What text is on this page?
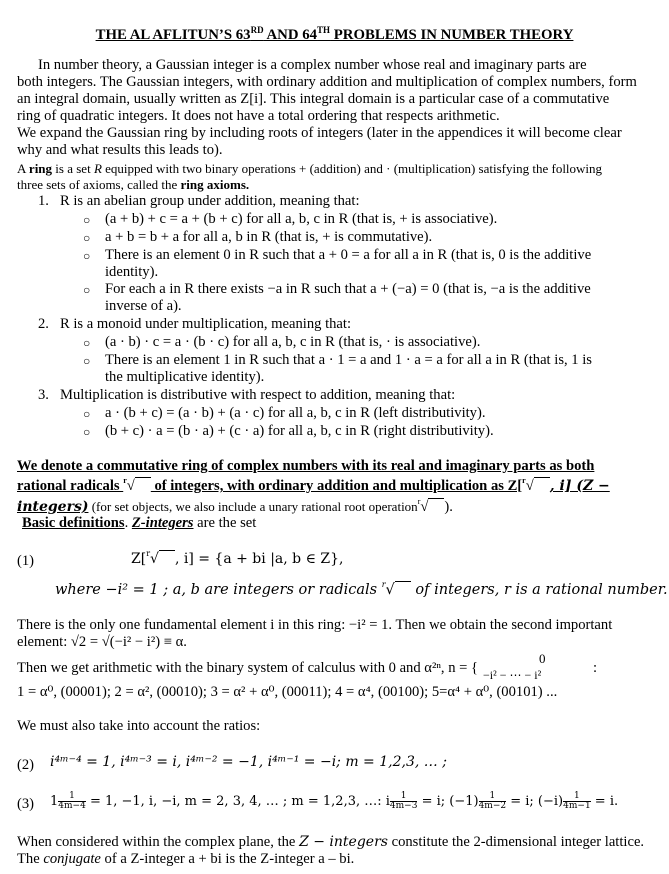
THE AL AFLITUN’S 63RD AND 64TH PROBLEMS IN NUMBER THEORY
In number theory, a Gaussian integer is a complex number whose real and imaginary parts are
both integers. The Gaussian integers, with ordinary addition and multiplication of complex numbers, form
an integral domain, usually written as Z[i]. This integral domain is a particular case of a commutative
ring of quadratic integers. It does not have a total ordering that respects arithmetic.
We expand the Gaussian ring by including roots of integers (later in the appendices it will become clear
why and what results this leads to).
A ring is a set R equipped with two binary operations + (addition) and · (multiplication) satisfying the following
three sets of axioms, called the ring axioms.
1. R is an abelian group under addition, meaning that:
○ (a + b) + c = a + (b + c) for all a, b, c in R (that is, + is associative).
○ a + b = b + a for all a, b in R (that is, + is commutative).
○ There is an element 0 in R such that a + 0 = a for all a in R (that is, 0 is the additive
identity).
○ For each a in R there exists −a in R such that a + (−a) = 0 (that is, −a is the additive
inverse of a).
2. R is a monoid under multiplication, meaning that:
○ (a · b) · c = a · (b · c) for all a, b, c in R (that is, · is associative).
○ There is an element 1 in R such that a · 1 = a and 1 · a = a for all a in R (that is, 1 is
the multiplicative identity).
3. Multiplication is distributive with respect to addition, meaning that:
○ a · (b + c) = (a · b) + (a · c) for all a, b, c in R (left distributivity).
○ (b + c) · a = (b · a) + (c · a) for all a, b, c in R (right distributivity).
We denote a commutative ring of complex numbers with its real and imaginary parts as both
rational radicals $^r$√ of integers, with ordinary addition and multiplication as Z[$^r$√ , i] (Z −
integers) (for set objects, we also include a unary rational root operation$^r$√ ).
Basic definitions. Z-integers are the set
(1)	Z[$^r$√ , i] = {a + bi |a, b ∈ Z},
where −i² = 1 ; a, b are integers or radicals $^r$√ of integers, r is a rational number.
There is the only one fundamental element i in this ring: −i² = 1. Then we obtain the second important
element: √2 = √(−i² − i²) ≡ α.
Then we get arithmetic with the binary system of calculus with 0 and α²ⁿ, n = {
0
−i² − ⋯ − i²	:
1 = α⁰, (00001); 2 = α², (00010); 3 = α² + α⁰, (00011); 4 = α⁴, (00100); 5=α⁴ + α⁰, (00101) ...
We must also take into account the ratios:
(2) i⁴ᵐ⁻⁴ = 1, i⁴ᵐ⁻³ = i, i⁴ᵐ⁻² = −1, i⁴ᵐ⁻¹ = −i; m = 1,2,3, … ;
(3) $1 \frac{1}{4m-4} = 1$, −1, i, −i, m = 2, 3, 4, … ; m = 1,2,3, …: i $\frac{1}{4m-3} = i$; $(-1) \frac{1}{4m-2} = i$; $(-i) \frac{1}{4m-1} = i$.
When considered within the complex plane, the Z − integers constitute the 2-dimensional integer lattice.
The conjugate of a Z-integer a + bi is the Z-integer a – bi.
